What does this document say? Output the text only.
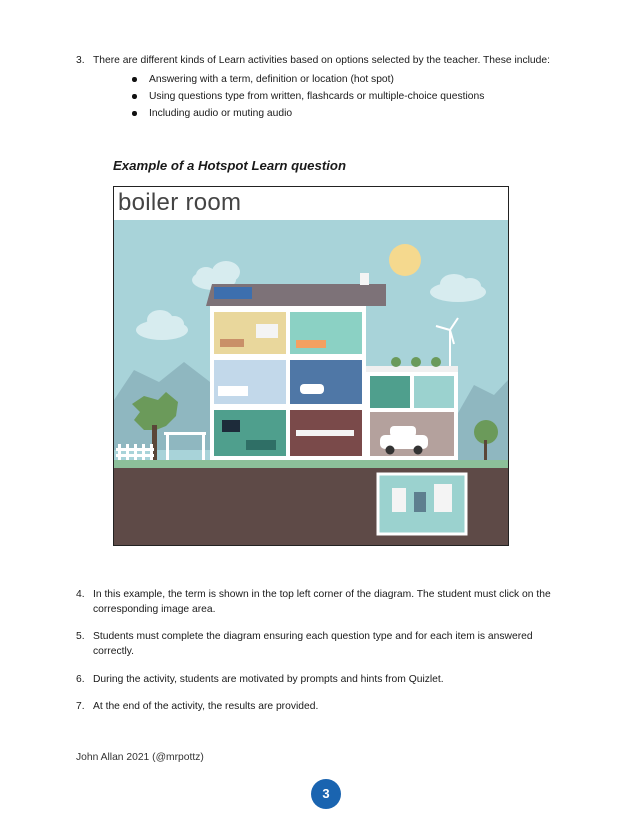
3. There are different kinds of Learn activities based on options selected by the teacher. These include:
Answering with a term, definition or location (hot spot)
Using questions type from written, flashcards or multiple-choice questions
Including audio or muting audio
Example of a Hotspot Learn question
boiler room
4. In this example, the term is shown in the top left corner of the diagram. The student must click on the corresponding image area.
5. Students must complete the diagram ensuring each question type and for each item is answered correctly.
6. During the activity, students are motivated by prompts and hints from Quizlet.
7. At the end of the activity, the results are provided.
John Allan 2021 (@mrpottz)
3
